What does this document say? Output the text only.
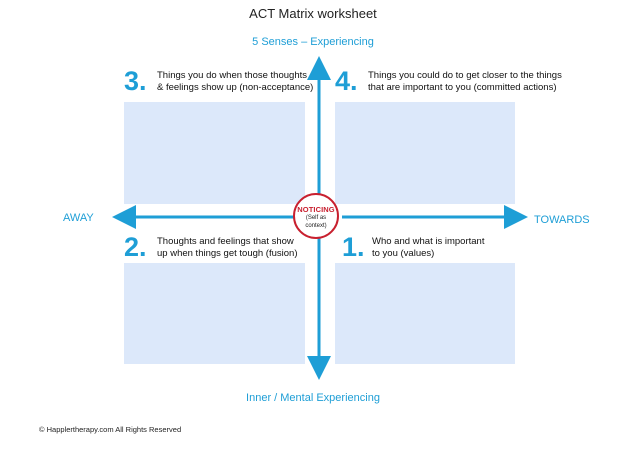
ACT Matrix worksheet
5 Senses – Experiencing
Inner / Mental Experiencing
AWAY	TOWARDS
3. Things you do when those thoughts
& feelings show up (non-acceptance) 4. Things you could do to get closer to the things
that are important to you (committed actions)
2. Thoughts and feelings that show
up when things get tough (fusion) 1. Who and what is important
to you (values)
NOTICING
(Self as
context)
© Happlertherapy.com All Rights Reserved
